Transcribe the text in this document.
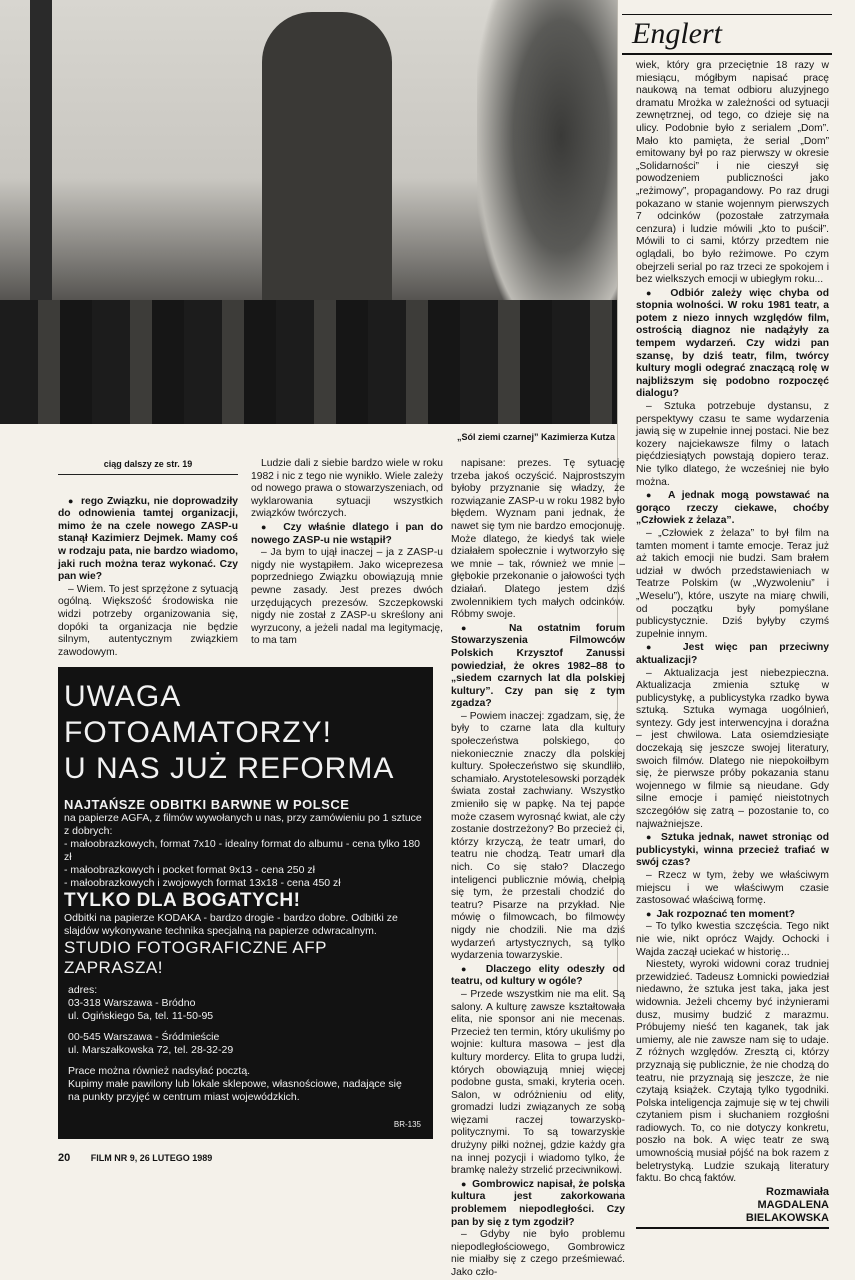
„Sól ziemi czarnej” Kazimierza Kutza
Englert
ciąg dalszy ze str. 19

●  rego Związku, nie doprowadziły do odnowienia tamtej organizacji, mimo że na czele nowego ZASP-u stanął Kazimierz Dejmek. Mamy coś w rodzaju pata, nie bardzo wiadomo, jaki ruch można teraz wykonać. Czy pan wie?

– Wiem. To jest sprzężone z sytuacją ogólną. Większość środowiska nie widzi potrzeby organizowania się, dopóki ta organizacja nie będzie silnym, autentycznym związkiem zawodowym.

Ludzie dali z siebie bardzo wiele w roku 1982 i nic z tego nie wynikło. Wiele zależy od nowego prawa o stowarzyszeniach, od wyklarowania sytuacji wszystkich związków twórczych.

●  Czy właśnie dlatego i pan do nowego ZASP-u nie wstąpił?

– Ja bym to ujął inaczej – ja z ZASP-u nigdy nie wystąpiłem. Jako wiceprezesa poprzedniego Związku obowiązują mnie pewne zasady. Jest prezes dwóch urzędujących prezesów. Szczepkowski nigdy nie został z ZASP-u skreślony ani wyrzucony, a jeżeli nadal ma legitymację, to ma tam

napisane: prezes. Tę sytuację trzeba jakoś oczyścić. Najprostszym byłoby przyznanie się władzy, że rozwiązanie ZASP-u w roku 1982 było błędem. Wyznam pani jednak, że nawet się tym nie bardzo emocjonuję. Może dlatego, że kiedyś tak wiele działałem społecznie i wytworzyło się we mnie – tak, również we mnie – głębokie przekonanie o jałowości tych działań. Dlatego jestem dziś zwolennikiem tych małych odcinków. Róbmy swoje.

●  Na ostatnim forum Stowarzyszenia Filmowców Polskich Krzysztof Zanussi powiedział, że okres 1982–88 to „siedem czarnych lat dla polskiej kultury”. Czy pan się z tym zgadza?

– Powiem inaczej: zgadzam, się, że były to czarne lata dla kultury społeczeństwa polskiego, co niekoniecznie znaczy dla polskiej kultury. Społeczeństwo się skundliło, schamiało. Arystotelesowski porządek świata został zachwiany. Wszystko zmieniło się w papkę. Na tej papce może czasem wyrosnąć kwiat, ale czy zostanie dostrzeżony? Bo przecież ci, którzy krzyczą, że teatr umarł, do teatru nie chodzą. Teatr umarł dla nich. Co się stało? Dlaczego inteligenci publicznie mówią, chełpią się tym, że przestali chodzić do teatru? Pisarze na przykład. Nie mówię o filmowcach, bo filmowcy nigdy nie chodzili. Nie ma dziś wydarzeń artystycznych, są tylko wydarzenia towarzyskie.

●  Dlaczego elity odeszły od teatru, od kultury w ogóle?

– Przede wszystkim nie ma elit. Są salony. A kulturę zawsze kształtowała elita, nie sponsor ani nie mecenas. Przecież ten termin, który ukuliśmy po wojnie: kultura masowa – jest dla kultury mordercy. Elita to grupa ludzi, których obowiązują mniej więcej podobne gusta, smaki, kryteria ocen. Salon, w odróżnieniu od elity, gromadzi ludzi związanych ze sobą więzami raczej towarzysko-politycznymi. To są towarzyskie drużyny piłki nożnej, gdzie każdy gra na innej pozycji i wiadomo tylko, że bramkę należy strzelić przeciwnikowi.

●  Gombrowicz napisał, że polska kultura jest zakorkowana problemem niepodległości. Czy pan by się z tym zgodził?

– Gdyby nie było problemu niepodległościowego, Gombrowicz nie miałby się z czego prześmiewać. Jako czło-

wiek, który gra przeciętnie 18 razy w miesiącu, mógłbym napisać pracę naukową na temat odbioru aluzyjnego dramatu Mrożka w zależności od sytuacji zewnętrznej, od tego, co dzieje się na ulicy. Podobnie było z serialem „Dom”. Mało kto pamięta, że serial „Dom” emitowany był po raz pierwszy w okresie „Solidarności” i nie cieszył się powodzeniem publiczności jako „reżimowy”, propagandowy. Po raz drugi pokazano w stanie wojennym pierwszych 7 odcinków (pozostałe zatrzymała cenzura) i ludzie mówili „kto to puścił”. Mówili to ci sami, którzy przedtem nie oglądali, bo było reżimowe. Po czym obejrzeli serial po raz trzeci ze spokojem i bez wielkszych emocji w ubiegłym roku...

●  Odbiór zależy więc chyba od stopnia wolności. W roku 1981 teatr, a potem z niezo innych względów film, ostrością diagnoz nie nadążyły za tempem wydarzeń. Czy widzi pan szansę, by dziś teatr, film, twórcy kultury mogli odegrać znaczącą rolę w najbliższym się podobno rozpoczęć dialogu?

– Sztuka potrzebuje dystansu, z perspektywy czasu te same wydarzenia jawią się w zupełnie innej postaci. Nie bez kozery najciekawsze filmy o latach pięćdziesiątych powstają dopiero teraz. Nie tylko dlatego, że wcześniej nie było można.

●  A jednak mogą powstawać na gorąco rzeczy ciekawe, choćby „Człowiek z żelaza”.

– „Człowiek z żelaza” to był film na tamten moment i tamte emocje. Teraz już aż takich emocji nie budzi. Sam brałem udział w dwóch przedstawieniach w Teatrze Polskim (w „Wyzwoleniu” i „Weselu”), które, uszyte na miarę chwili, od początku były pomyślane publicystycznie. Dziś byłyby czymś zupełnie innym.

●  Jest więc pan przeciwny aktualizacji?

– Aktualizacja jest niebezpieczna. Aktualizacja zmienia sztukę w publicystykę, a publicystyka rzadko bywa sztuką. Sztuka wymaga uogólnień, syntezy. Gdy jest interwencyjna i doraźna – jest chwilowa. Lata osiemdziesiąte doczekają się jeszcze swojej literatury, swoich filmów. Dlatego nie niepokoiłbym się, że pierwsze próby pokazania stanu wojennego w filmie są nieudane. Gdy silne emocje i pamięć nieistotnych szczegółów się zatrą – pozostanie to, co najważniejsze.

●  Sztuka jednak, nawet stroniąc od publicystyki, winna przecież trafiać w swój czas?

– Rzecz w tym, żeby we właściwym miejscu i we właściwym czasie zastosować właściwą formę.

●  Jak rozpoznać ten moment?

– To tylko kwestia szczęścia. Tego nikt nie wie, nikt oprócz Wajdy. Ochocki i Wajda zaczął uciekać w historię...

Niestety, wyroki widowni coraz trudniej przewidzieć. Tadeusz Łomnicki powiedział niedawno, że sztuka jest taka, jaka jest widownia. Jeżeli chcemy być inżynierami dusz, musimy budzić z marazmu. Próbujemy nieść ten kaganek, tak jak umiemy, ale nie zawsze nam się to udaje. Z różnych względów. Zresztą ci, którzy przyznają się publicznie, że nie chodzą do teatru, nie przyznają się jeszcze, że nie czytają książek. Czytają tylko tygodniki. Polska inteligencja zajmuje się w tej chwili czytaniem pism i słuchaniem rozgłośni radiowych. To, co nie dotyczy konkretu, poszło na bok. A więc teatr ze swą umownością musiał pójść na bok razem z beletrystyką. Ludzie szukają literatury faktu. Bo chcą faktów.

Rozmawiała
MAGDALENA
BIELAKOWSKA
UWAGA
FOTOAMATORZY!
U NAS JUŻ REFORMA
NAJTAŃSZE ODBITKI BARWNE W POLSCE
na papierze AGFA, z filmów wywołanych u nas, przy zamówieniu po 1 sztuce z dobrych:
- małoobrazkowych, format 7x10 - idealny format do albumu - cena tylko 180 zł
- małoobrazkowych i pocket format 9x13 - cena 250 zł
- małoobrazkowych i zwojowych format 13x18 - cena 450 zł
TYLKO DLA BOGATYCH!
Odbitki na papierze KODAKA - bardzo drogie - bardzo dobre. Odbitki ze slajdów wykonywane technika specjalną na papierze odwracalnym.
STUDIO FOTOGRAFICZNE AFP
ZAPRASZA!
adres:
03-318 Warszawa - Bródno
ul. Ogińskiego 5a, tel. 11-50-95
00-545 Warszawa - Śródmieście
ul. Marszałkowska 72, tel. 28-32-29
Prace można również nadsyłać pocztą.
Kupimy małe pawilony lub lokale sklepowe, własnościowe, nadające się na punkty przyjęć w centrum miast wojewódzkich.
BR-135
20 FILM NR 9, 26 LUTEGO 1989
